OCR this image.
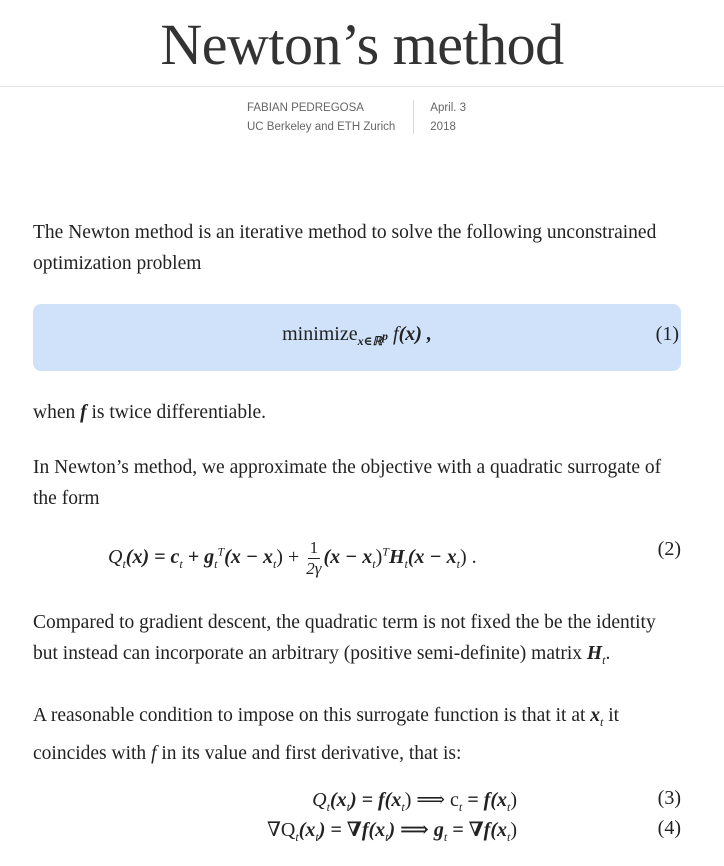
Newton’s method
FABIAN PEDREGOSA
UC Berkeley and ETH Zurich
April. 3
2018

The Newton method is an iterative method to solve the following unconstrained optimization problem

minimize$_{x\in ℝ^p}$ f(x) ,	(1)

when f is twice differentiable.

In Newton’s method, we approximate the objective with a quadratic surrogate of the form

$Q_t(x) = c_t + g_t^T(x - x_t) + \frac{1}{2\gamma} (x - x_t)^TH_t(x - x_t)$ .	(2)

Compared to gradient descent, the quadratic term is not fixed the be the identity but instead can incorporate an arbitrary (positive semi-definite) matrix $H_t$.

A reasonable condition to impose on this surrogate function is that it at $x_t$ it coincides with f in its value and first derivative, that is:

$Q_t(x_t) = f(x_t)$ ⟹ $c_t = f(x_t)$	(3)
$\nabla Q_t(x_t) = \nabla f(x_t)$ ⟹ $g_t = \nabla f(x_t)$	(4)
